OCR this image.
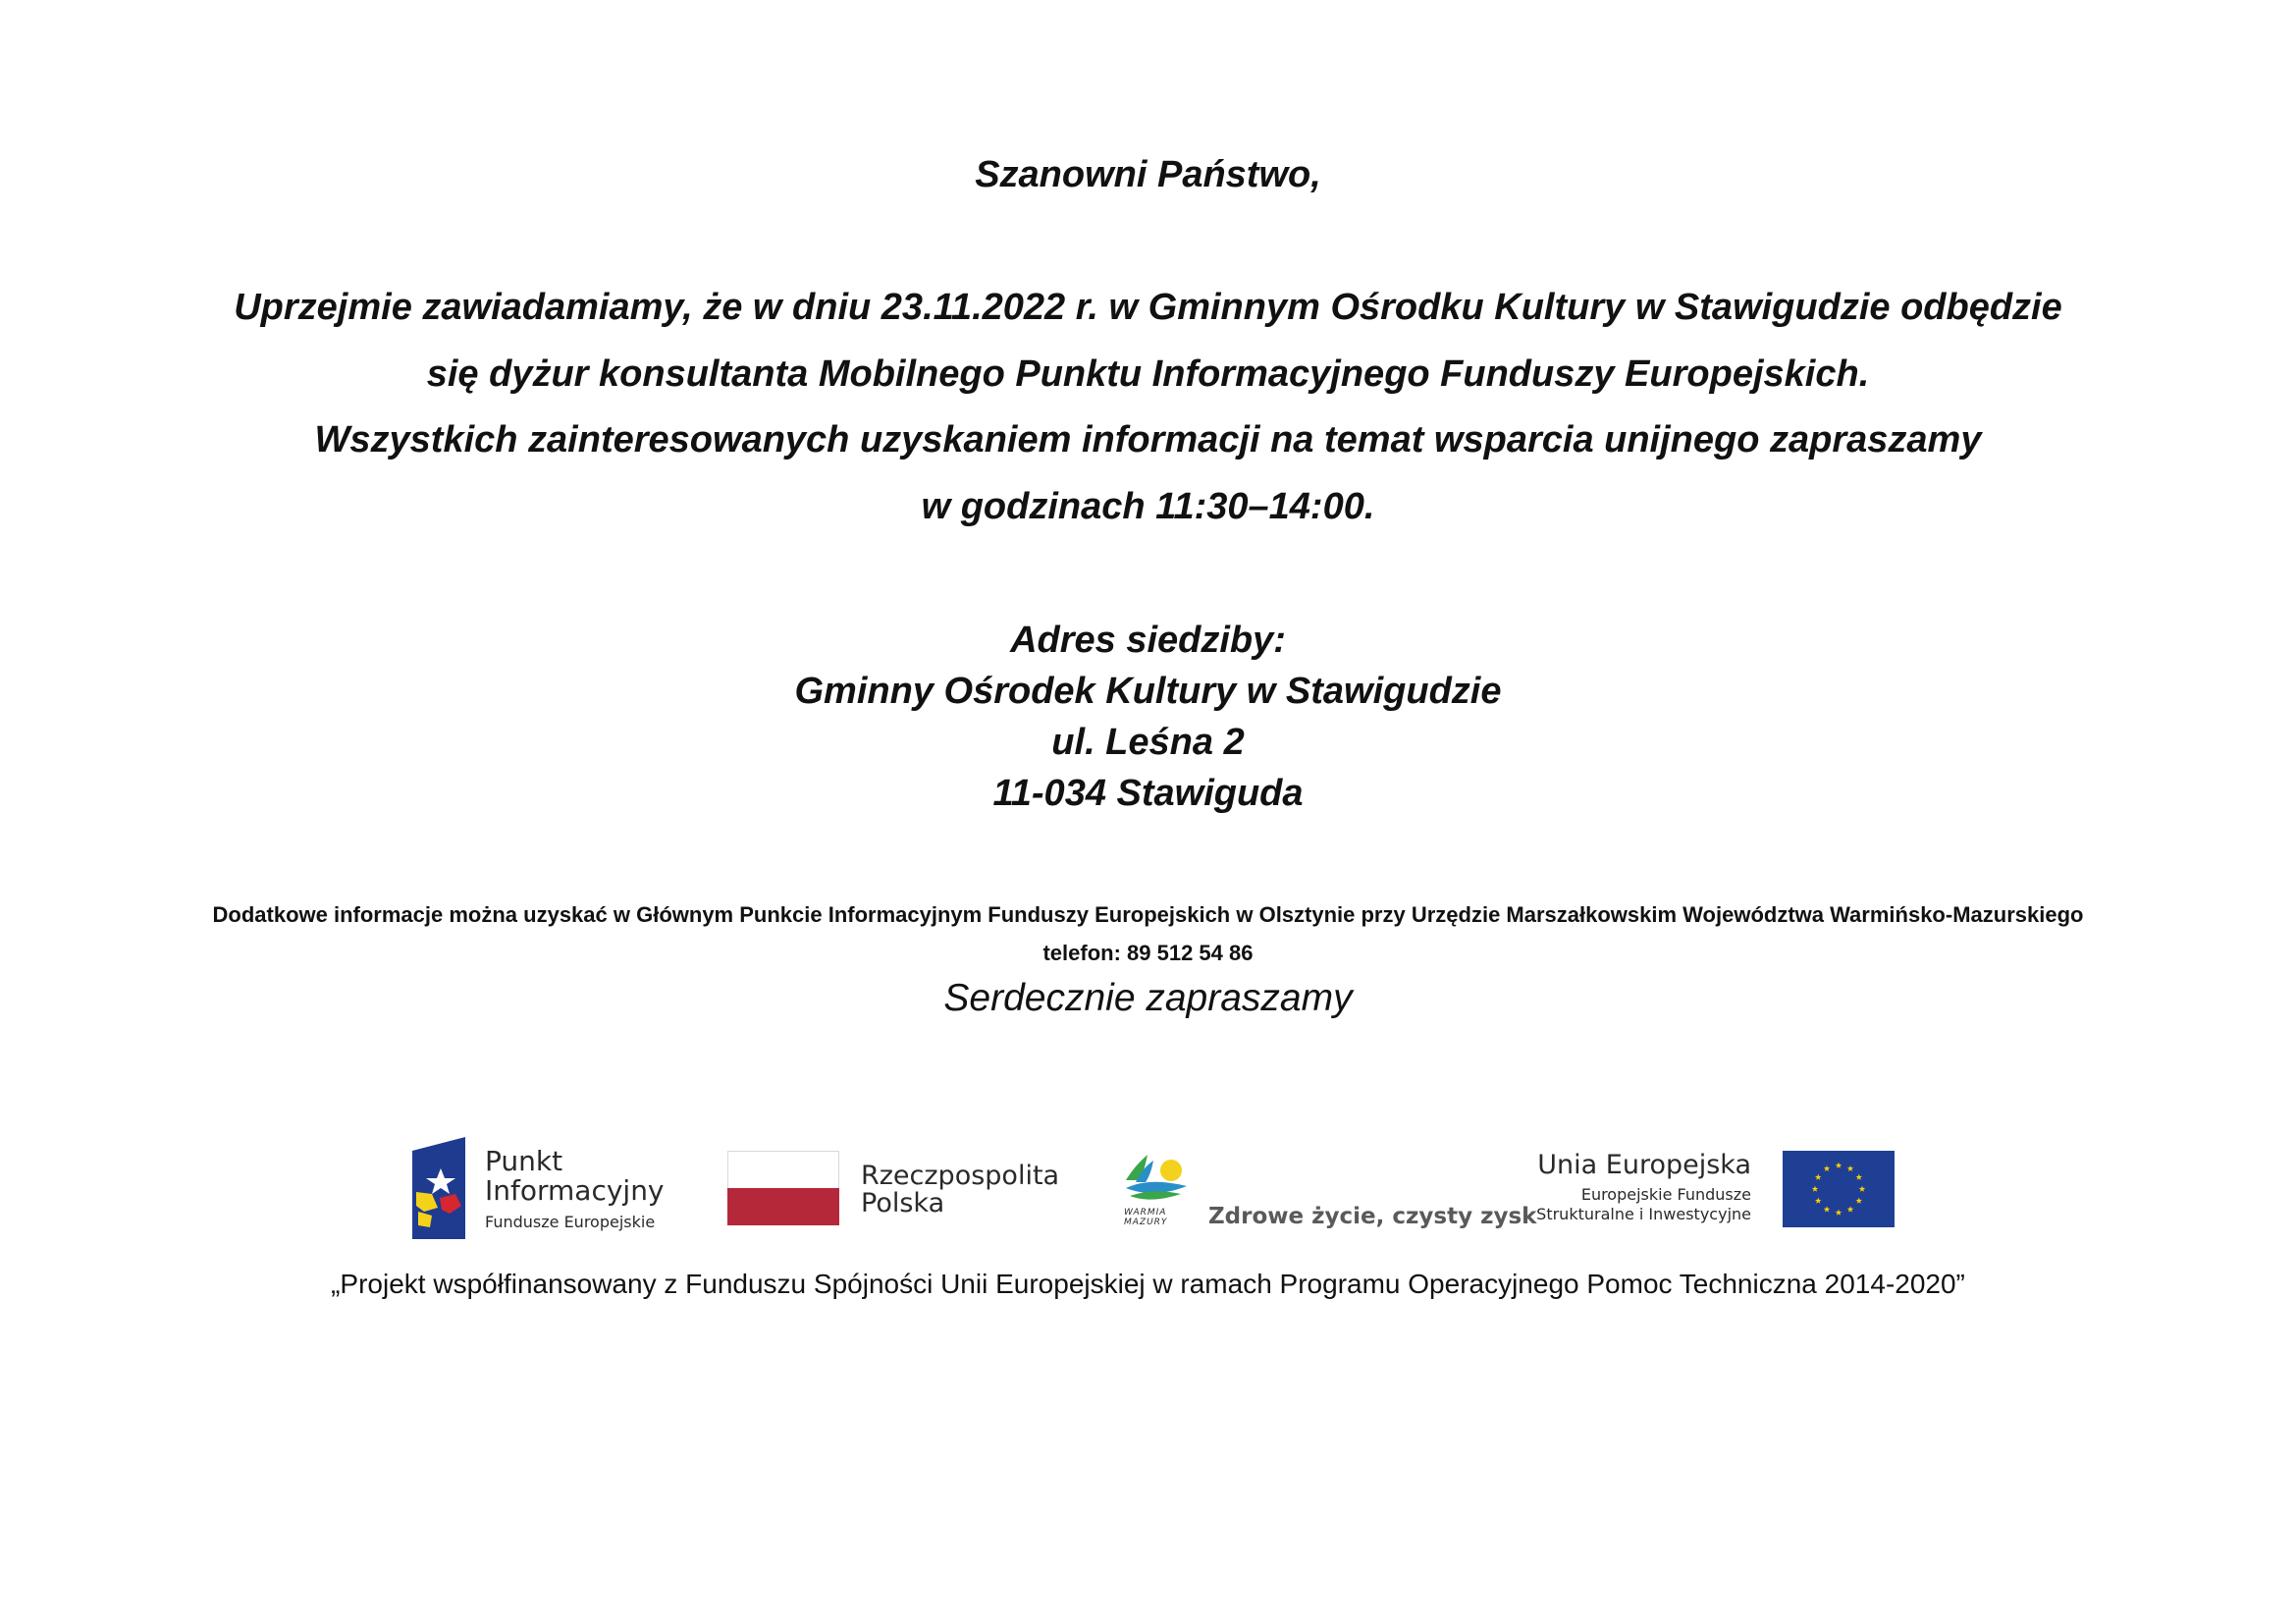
Szanowni Państwo,
Uprzejmie zawiadamiamy, że w dniu 23.11.2022 r. w Gminnym Ośrodku Kultury w Stawigudzie odbędzie
się dyżur konsultanta Mobilnego Punktu Informacyjnego Funduszy Europejskich.
Wszystkich zainteresowanych uzyskaniem informacji na temat wsparcia unijnego zapraszamy
w godzinach 11:30–14:00.
Adres siedziby:
Gminny Ośrodek Kultury w Stawigudzie
ul. Leśna 2
11-034 Stawiguda
Dodatkowe informacje można uzyskać w Głównym Punkcie Informacyjnym Funduszy Europejskich w Olsztynie przy Urzędzie Marszałkowskim Województwa Warmińsko-Mazurskiego
telefon: 89 512 54 86
Serdecznie zapraszamy
Punkt
Informacyjny
Fundusze Europejskie
Rzeczpospolita
Polska	WARMIA MAZURY	Zdrowe życie, czysty zysk
Unia Europejska
Europejskie Fundusze
Strukturalne i Inwestycyjne
„Projekt współfinansowany z Funduszu Spójności Unii Europejskiej w ramach Programu Operacyjnego Pomoc Techniczna 2014-2020”
